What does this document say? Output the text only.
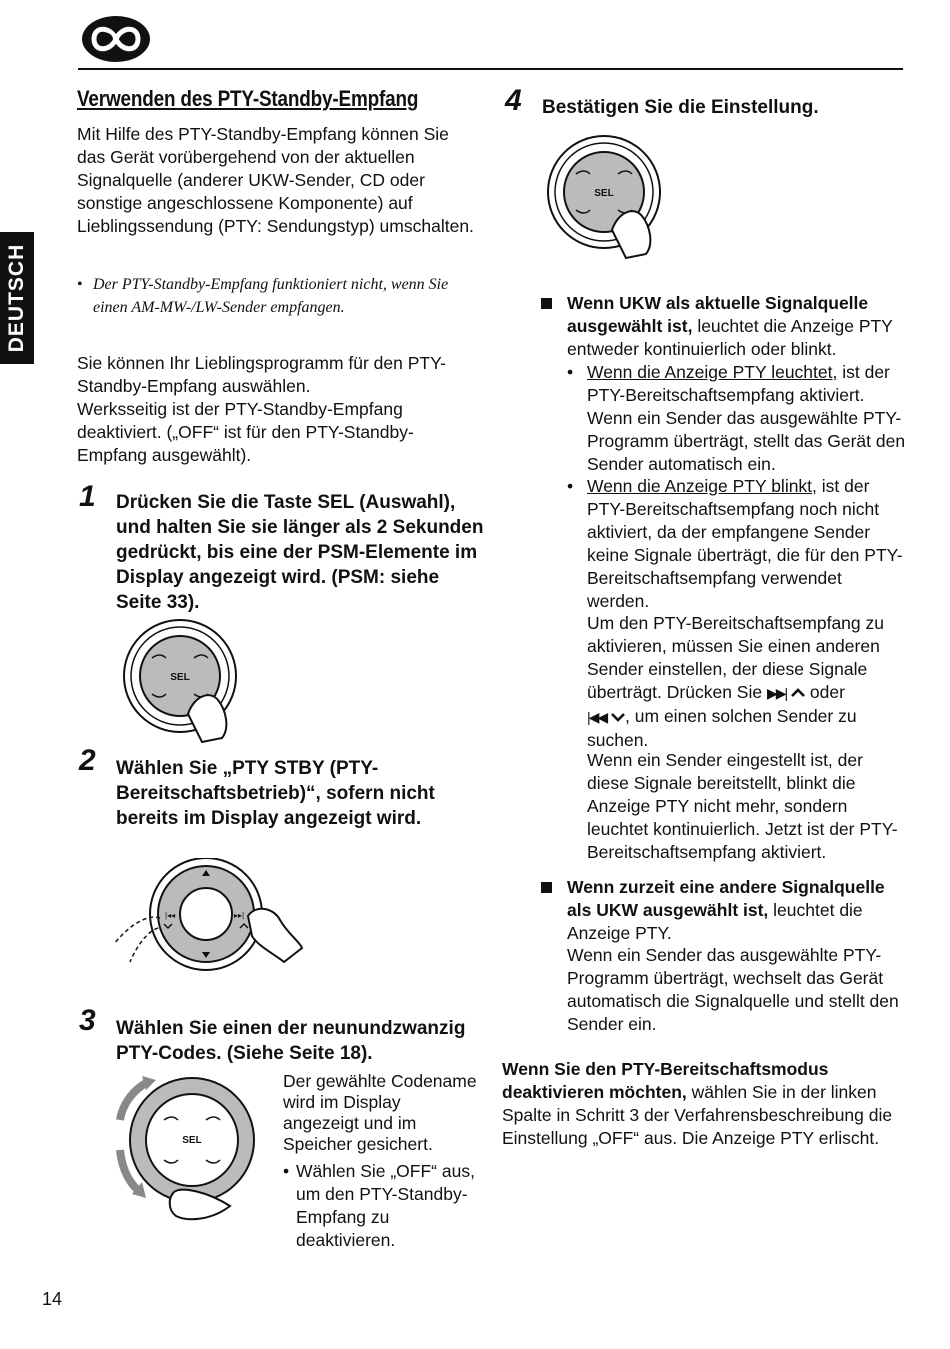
DEUTSCH
Verwenden des PTY-Standby-Empfang
Mit Hilfe des PTY-Standby-Empfang können Sie das Gerät vorübergehend von der aktuellen Signalquelle (anderer UKW-Sender, CD oder sonstige angeschlossene Komponente) auf Lieblingssendung (PTY: Sendungstyp) umschalten.
• Der PTY-Standby-Empfang funktioniert nicht, wenn Sie einen AM-MW-/LW-Sender empfangen.
Sie können Ihr Lieblingsprogramm für den PTY-Standby-Empfang auswählen.
Werksseitig ist der PTY-Standby-Empfang deaktiviert. („OFF“ ist für den PTY-Standby-Empfang ausgewählt).
1 Drücken Sie die Taste SEL (Auswahl), und halten Sie sie länger als 2 Sekunden gedrückt, bis eine der PSM-Elemente im Display angezeigt wird. (PSM: siehe Seite 33).
SEL
2 Wählen Sie „PTY STBY (PTY-Bereitschaftsbetrieb)“, sofern nicht bereits im Display angezeigt wird.
|◂◂	▸▸|
3 Wählen Sie einen der neunundzwanzig PTY-Codes. (Siehe Seite 18).
SEL
Der gewählte Codename wird im Display angezeigt und im Speicher gesichert.
• Wählen Sie „OFF“ aus, um den PTY-Standby-Empfang zu deaktivieren.
4 Bestätigen Sie die Einstellung.
SEL
Wenn UKW als aktuelle Signalquelle ausgewählt ist, leuchtet die Anzeige PTY entweder kontinuierlich oder blinkt.
• Wenn die Anzeige PTY leuchtet, ist der PTY-Bereitschaftsempfang aktiviert. Wenn ein Sender das ausgewählte PTY-Programm überträgt, stellt das Gerät den Sender automatisch ein.
• Wenn die Anzeige PTY blinkt, ist der PTY-Bereitschaftsempfang noch nicht aktiviert, da der empfangene Sender keine Signale überträgt, die für den PTY-Bereitschaftsempfang verwendet werden.
Um den PTY-Bereitschaftsempfang zu aktivieren, müssen Sie einen anderen Sender einstellen, der diese Signale überträgt. Drücken Sie ▶▶| oder
|◀◀ , um einen solchen Sender zu suchen.
Wenn ein Sender eingestellt ist, der diese Signale bereitstellt, blinkt die Anzeige PTY nicht mehr, sondern leuchtet kontinuierlich. Jetzt ist der PTY-Bereitschaftsempfang aktiviert.
Wenn zurzeit eine andere Signalquelle als UKW ausgewählt ist, leuchtet die Anzeige PTY.
Wenn ein Sender das ausgewählte PTY-Programm überträgt, wechselt das Gerät automatisch die Signalquelle und stellt den Sender ein.
Wenn Sie den PTY-Bereitschaftsmodus deaktivieren möchten, wählen Sie in der linken Spalte in Schritt 3 der Verfahrensbeschreibung die Einstellung „OFF“ aus. Die Anzeige PTY erlischt.
14
